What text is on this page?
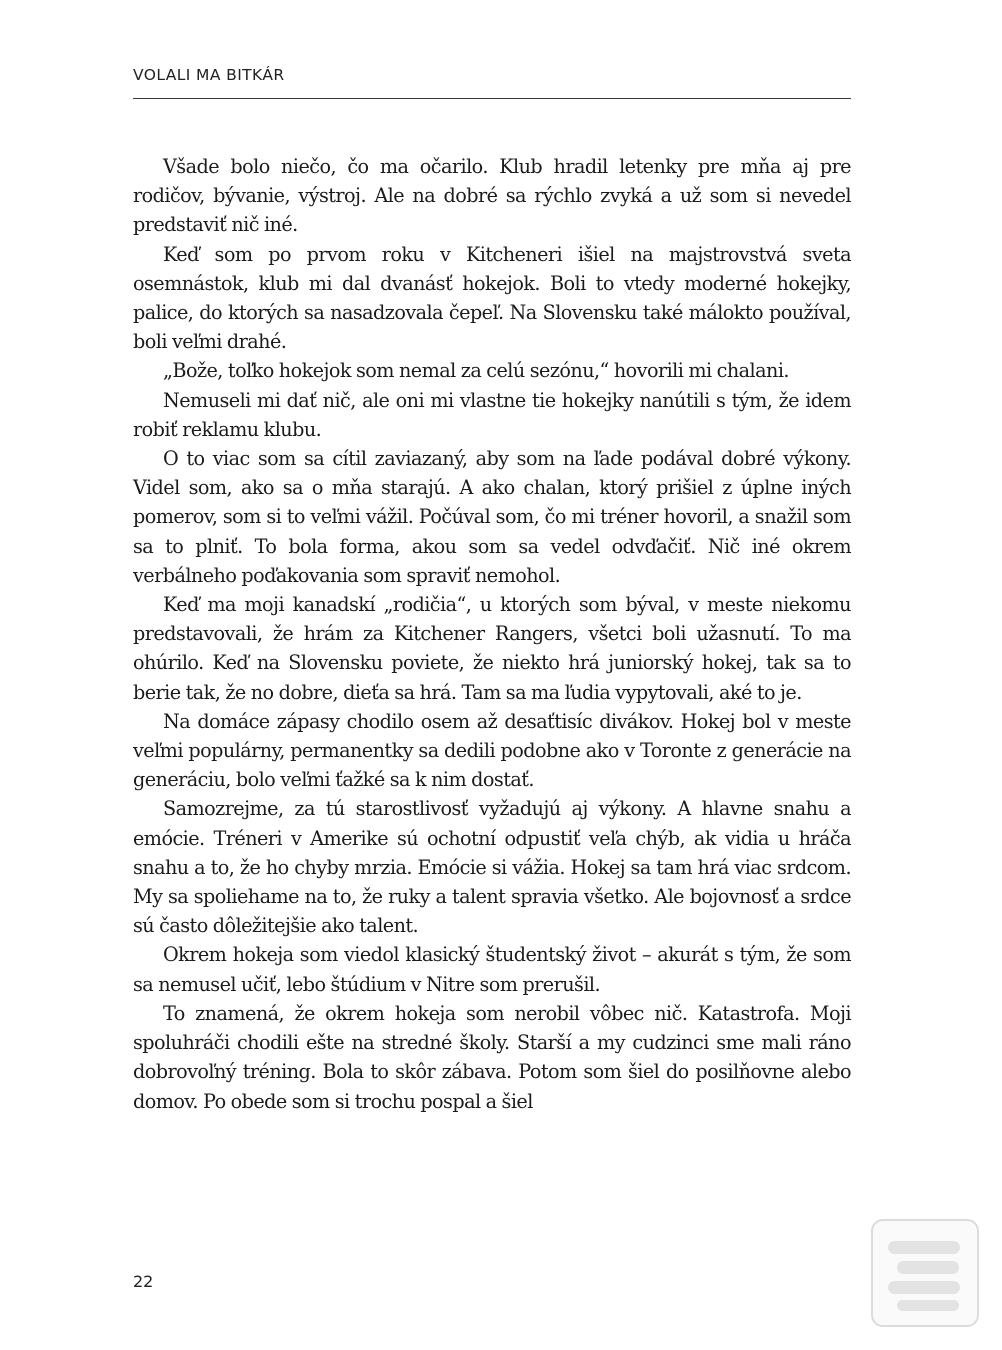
VOLALI MA BITKÁR

Všade bolo niečo, čo ma očarilo. Klub hradil letenky pre mňa aj pre rodičov, bývanie, výstroj. Ale na dobré sa rýchlo zvyká a už som si nevedel predstaviť nič iné.

Keď som po prvom roku v Kitcheneri išiel na majstrovstvá sveta osemnástok, klub mi dal dvanásť hokejok. Boli to vtedy moderné hokejky, palice, do ktorých sa nasadzovala čepeľ. Na Slovensku také málokto používal, boli veľmi drahé.

„Bože, toľko hokejok som nemal za celú sezónu,“ hovorili mi chalani.

Nemuseli mi dať nič, ale oni mi vlastne tie hokejky nanútili s tým, že idem robiť reklamu klubu.

O to viac som sa cítil zaviazaný, aby som na ľade podával dobré výkony. Videl som, ako sa o mňa starajú. A ako chalan, ktorý prišiel z úplne iných pomerov, som si to veľmi vážil. Počúval som, čo mi tréner hovoril, a snažil som sa to plniť. To bola forma, akou som sa vedel odvďačiť. Nič iné okrem verbálneho poďakovania som spraviť nemohol.

Keď ma moji kanadskí „rodičia“, u ktorých som býval, v meste niekomu predstavovali, že hrám za Kitchener Rangers, všetci boli užasnutí. To ma ohúrilo. Keď na Slovensku poviete, že niekto hrá juniorský hokej, tak sa to berie tak, že no dobre, dieťa sa hrá. Tam sa ma ľudia vypytovali, aké to je.

Na domáce zápasy chodilo osem až desaťtisíc divákov. Hokej bol v meste veľmi populárny, permanentky sa dedili podobne ako v Toronte z generácie na generáciu, bolo veľmi ťažké sa k nim dostať.

Samozrejme, za tú starostlivosť vyžadujú aj výkony. A hlavne snahu a emócie. Tréneri v Amerike sú ochotní odpustiť veľa chýb, ak vidia u hráča snahu a to, že ho chyby mrzia. Emócie si vážia. Hokej sa tam hrá viac srdcom. My sa spoliehame na to, že ruky a talent spravia všetko. Ale bojovnosť a srdce sú často dôležitejšie ako talent.

Okrem hokeja som viedol klasický študentský život – akurát s tým, že som sa nemusel učiť, lebo štúdium v Nitre som prerušil.

To znamená, že okrem hokeja som nerobil vôbec nič. Katastrofa. Moji spoluhráči chodili ešte na stredné školy. Starší a my cudzinci sme mali ráno dobrovoľný tréning. Bola to skôr zábava. Potom som šiel do posilňovne alebo domov. Po obede som si trochu pospal a šiel

22
